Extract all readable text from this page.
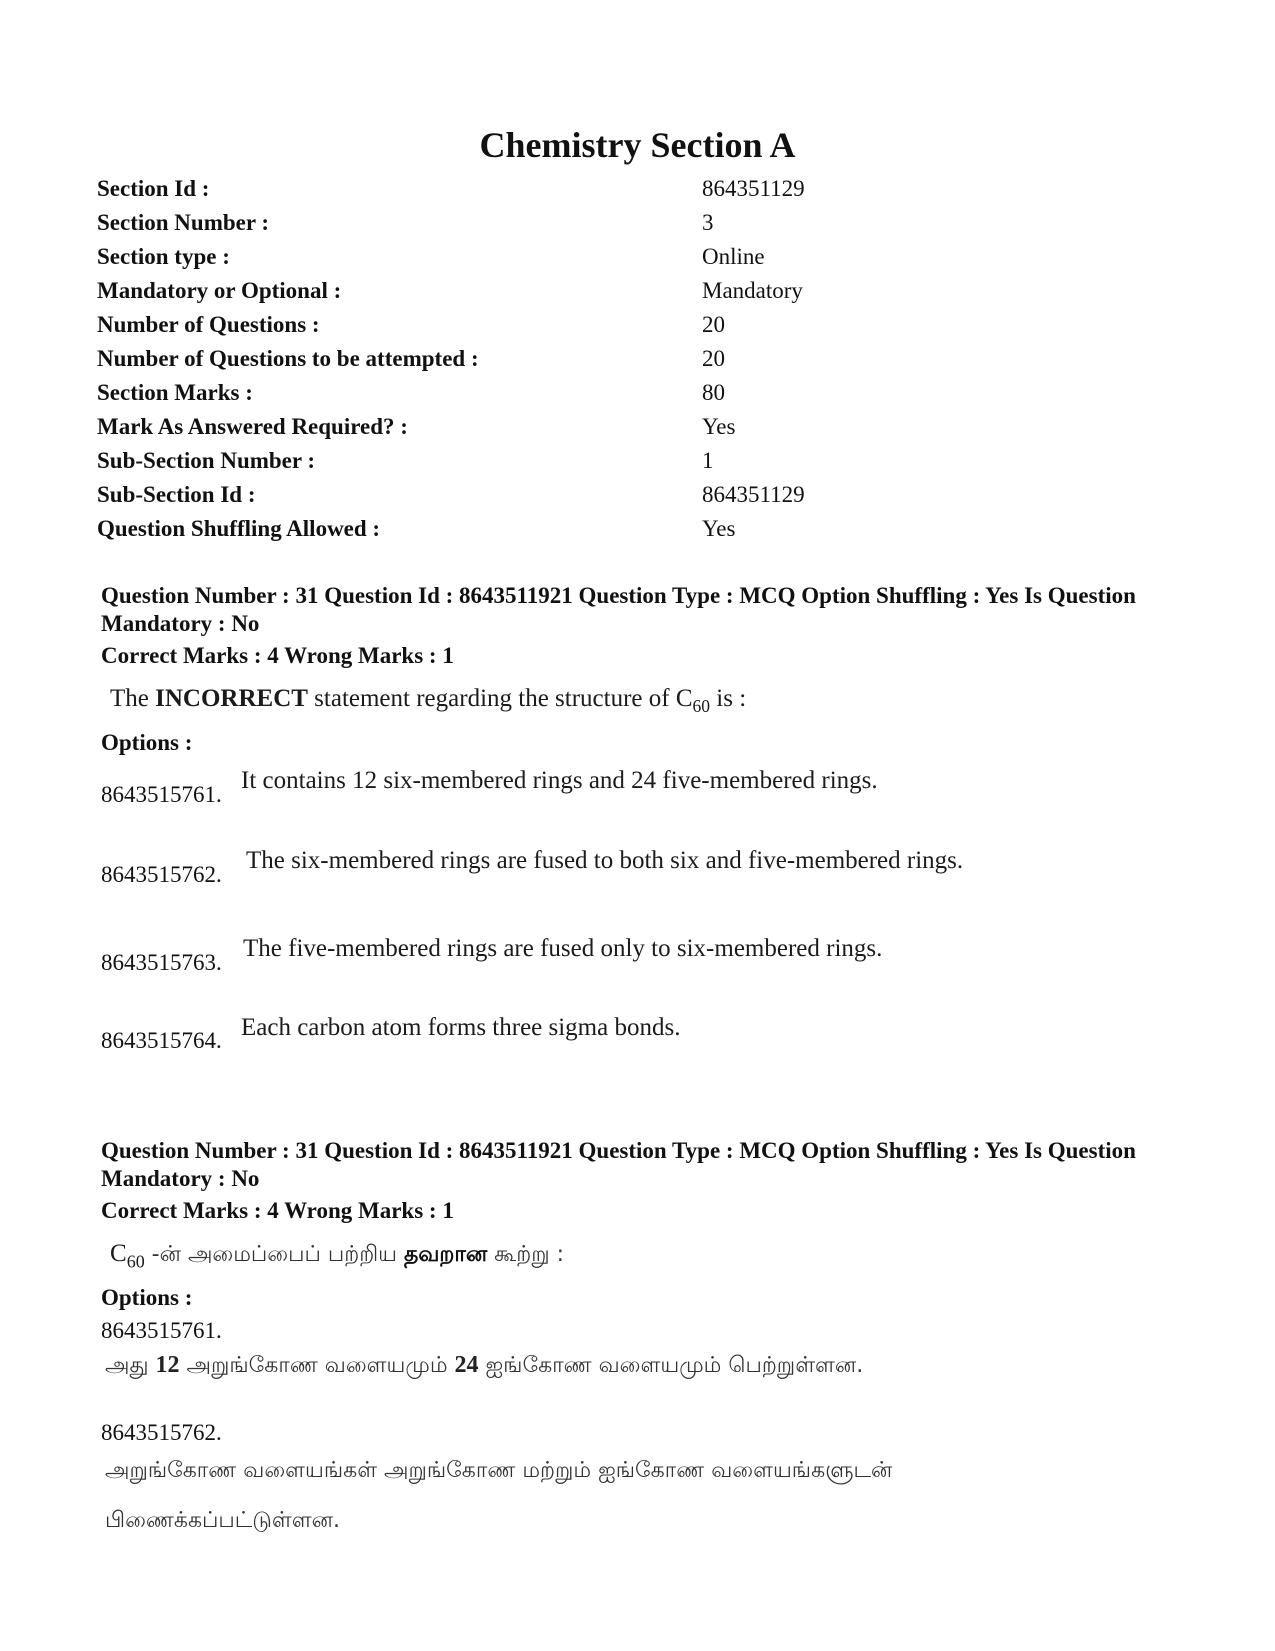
Chemistry Section A
Section Id :	864351129
Section Number :	3
Section type :	Online
Mandatory or Optional :	Mandatory
Number of Questions :	20
Number of Questions to be attempted :	20
Section Marks :	80
Mark As Answered Required? :	Yes
Sub-Section Number :	1
Sub-Section Id :	864351129
Question Shuffling Allowed :	Yes
Question Number : 31 Question Id : 8643511921 Question Type : MCQ Option Shuffling : Yes Is Question Mandatory : No
Correct Marks : 4 Wrong Marks : 1
The INCORRECT statement regarding the structure of $C_{60}$ is :
Options :
8643515761.
It contains 12 six-membered rings and 24 five-membered rings.
8643515762.
The six-membered rings are fused to both six and five-membered rings.
8643515763.
The five-membered rings are fused only to six-membered rings.
8643515764. Each carbon atom forms three sigma bonds.
Question Number : 31 Question Id : 8643511921 Question Type : MCQ Option Shuffling : Yes Is Question Mandatory : No
Correct Marks : 4 Wrong Marks : 1
$C_{60}$ -ன் அமைப்பைப் பற்றிய தவறான கூற்று :
Options :
8643515761.
அது 12 அறுங்கோண வளையமும் 24 ஐங்கோண வளையமும் பெற்றுள்ளன.
8643515762.
அறுங்கோண வளையங்கள் அறுங்கோண மற்றும் ஐங்கோண வளையங்களுடன் பிணைக்கப்பட்டுள்ளன.
